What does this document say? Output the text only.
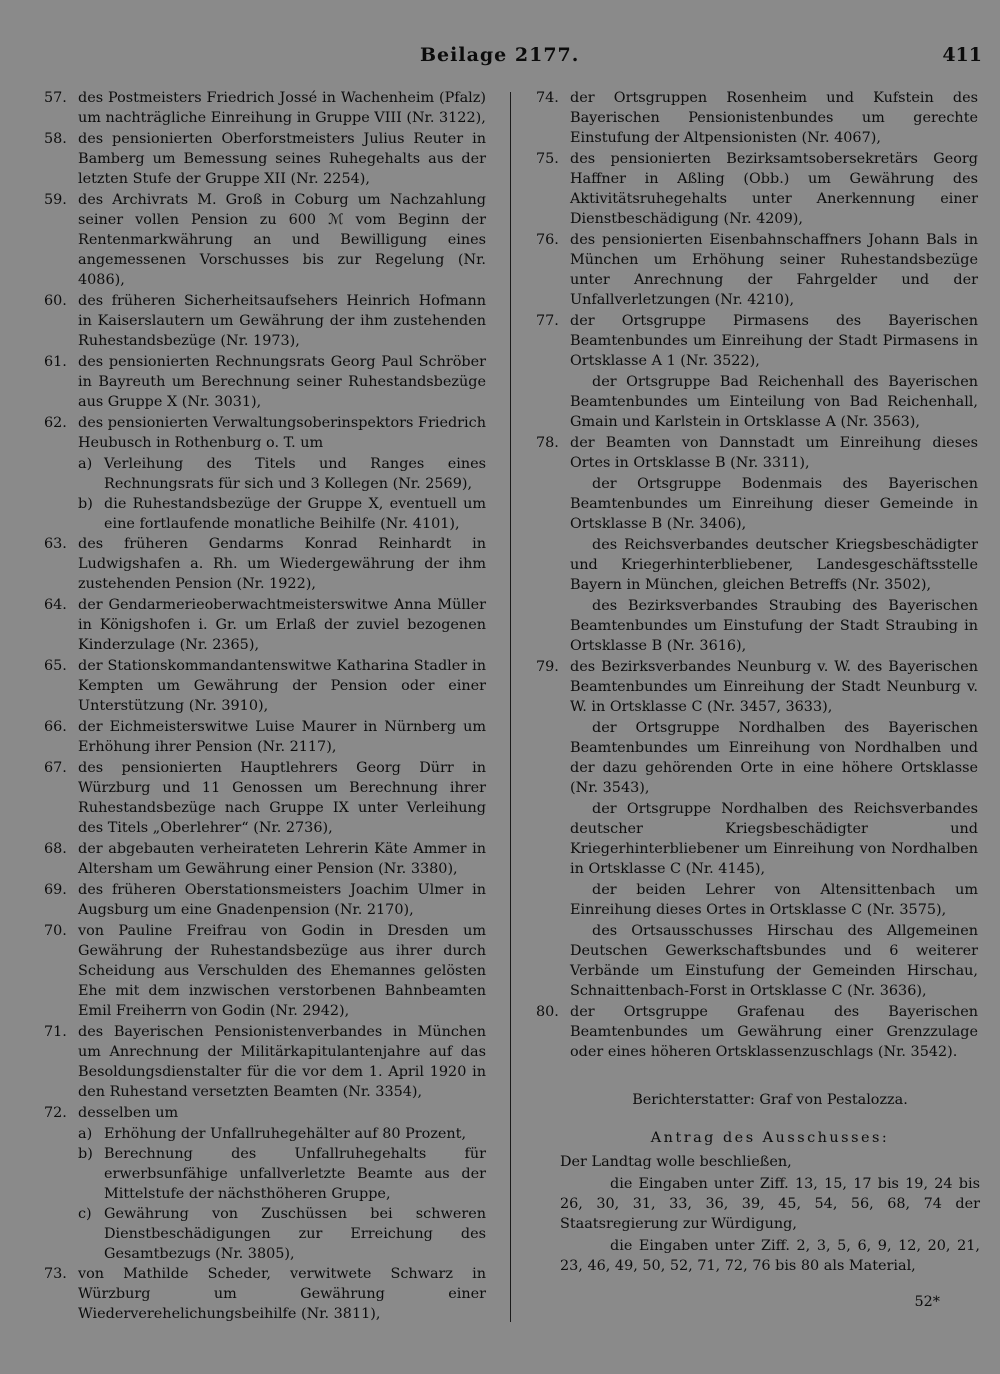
Beilage 2177.	411
57. des Postmeisters Friedrich Jossé in Wachenheim (Pfalz) um nachträgliche Einreihung in Gruppe VIII (Nr. 3122),
58. des pensionierten Oberforstmeisters Julius Reuter in Bamberg um Bemessung seines Ruhegehalts aus der letzten Stufe der Gruppe XII (Nr. 2254),
59. des Archivrats M. Groß in Coburg um Nachzahlung seiner vollen Pension zu 600 ℳ vom Beginn der Rentenmarkwährung an und Bewilligung eines angemessenen Vorschusses bis zur Regelung (Nr. 4086),
60. des früheren Sicherheitsaufsehers Heinrich Hofmann in Kaiserslautern um Gewährung der ihm zustehenden Ruhestandsbezüge (Nr. 1973),
61. des pensionierten Rechnungsrats Georg Paul Schröber in Bayreuth um Berechnung seiner Ruhestandsbezüge aus Gruppe X (Nr. 3031),
62. des pensionierten Verwaltungsoberinspektors Friedrich Heubusch in Rothenburg o. T. um
a) Verleihung des Titels und Ranges eines Rechnungsrats für sich und 3 Kollegen (Nr. 2569),
b) die Ruhestandsbezüge der Gruppe X, eventuell um eine fortlaufende monatliche Beihilfe (Nr. 4101),
63. des früheren Gendarms Konrad Reinhardt in Ludwigshafen a. Rh. um Wiedergewährung der ihm zustehenden Pension (Nr. 1922),
64. der Gendarmerieoberwachtmeisterswitwe Anna Müller in Königshofen i. Gr. um Erlaß der zuviel bezogenen Kinderzulage (Nr. 2365),
65. der Stationskommandantenswitwe Katharina Stadler in Kempten um Gewährung der Pension oder einer Unterstützung (Nr. 3910),
66. der Eichmeisterswitwe Luise Maurer in Nürnberg um Erhöhung ihrer Pension (Nr. 2117),
67. des pensionierten Hauptlehrers Georg Dürr in Würzburg und 11 Genossen um Berechnung ihrer Ruhestandsbezüge nach Gruppe IX unter Verleihung des Titels „Oberlehrer“ (Nr. 2736),
68. der abgebauten verheirateten Lehrerin Käte Ammer in Altersham um Gewährung einer Pension (Nr. 3380),
69. des früheren Oberstationsmeisters Joachim Ulmer in Augsburg um eine Gnadenpension (Nr. 2170),
70. von Pauline Freifrau von Godin in Dresden um Gewährung der Ruhestandsbezüge aus ihrer durch Scheidung aus Verschulden des Ehemannes gelösten Ehe mit dem inzwischen verstorbenen Bahnbeamten Emil Freiherrn von Godin (Nr. 2942),
71. des Bayerischen Pensionistenverbandes in München um Anrechnung der Militärkapitulantenjahre auf das Besoldungsdienstalter für die vor dem 1. April 1920 in den Ruhestand versetzten Beamten (Nr. 3354),
72. desselben um
a) Erhöhung der Unfallruhegehälter auf 80 Prozent,
b) Berechnung des Unfallruhegehalts für erwerbsunfähige unfallverletzte Beamte aus der Mittelstufe der nächsthöheren Gruppe,
c) Gewährung von Zuschüssen bei schweren Dienstbeschädigungen zur Erreichung des Gesamtbezugs (Nr. 3805),
73. von Mathilde Scheder, verwitwete Schwarz in Würzburg um Gewährung einer Wiederverehelichungsbeihilfe (Nr. 3811),
74. der Ortsgruppen Rosenheim und Kufstein des Bayerischen Pensionistenbundes um gerechte Einstufung der Altpensionisten (Nr. 4067),
75. des pensionierten Bezirksamtsobersekretärs Georg Haffner in Aßling (Obb.) um Gewährung des Aktivitätsruhegehalts unter Anerkennung einer Dienstbeschädigung (Nr. 4209),
76. des pensionierten Eisenbahnschaffners Johann Bals in München um Erhöhung seiner Ruhestandsbezüge unter Anrechnung der Fahrgelder und der Unfallverletzungen (Nr. 4210),
77. der Ortsgruppe Pirmasens des Bayerischen Beamtenbundes um Einreihung der Stadt Pirmasens in Ortsklasse A 1 (Nr. 3522),
der Ortsgruppe Bad Reichenhall des Bayerischen Beamtenbundes um Einteilung von Bad Reichenhall, Gmain und Karlstein in Ortsklasse A (Nr. 3563),
78. der Beamten von Dannstadt um Einreihung dieses Ortes in Ortsklasse B (Nr. 3311),
der Ortsgruppe Bodenmais des Bayerischen Beamtenbundes um Einreihung dieser Gemeinde in Ortsklasse B (Nr. 3406),
des Reichsverbandes deutscher Kriegsbeschädigter und Kriegerhinterbliebener, Landesgeschäftsstelle Bayern in München, gleichen Betreffs (Nr. 3502),
des Bezirksverbandes Straubing des Bayerischen Beamtenbundes um Einstufung der Stadt Straubing in Ortsklasse B (Nr. 3616),
79. des Bezirksverbandes Neunburg v. W. des Bayerischen Beamtenbundes um Einreihung der Stadt Neunburg v. W. in Ortsklasse C (Nr. 3457, 3633),
der Ortsgruppe Nordhalben des Bayerischen Beamtenbundes um Einreihung von Nordhalben und der dazu gehörenden Orte in eine höhere Ortsklasse (Nr. 3543),
der Ortsgruppe Nordhalben des Reichsverbandes deutscher Kriegsbeschädigter und Kriegerhinterbliebener um Einreihung von Nordhalben in Ortsklasse C (Nr. 4145),
der beiden Lehrer von Altensittenbach um Einreihung dieses Ortes in Ortsklasse C (Nr. 3575),
des Ortsausschusses Hirschau des Allgemeinen Deutschen Gewerkschaftsbundes und 6 weiterer Verbände um Einstufung der Gemeinden Hirschau, Schnaittenbach-Forst in Ortsklasse C (Nr. 3636),
80. der Ortsgruppe Grafenau des Bayerischen Beamtenbundes um Gewährung einer Grenzzulage oder eines höheren Ortsklassenzuschlags (Nr. 3542).

Berichterstatter: Graf von Pestalozza.

Antrag des Ausschusses:

Der Landtag wolle beschließen,

die Eingaben unter Ziff. 13, 15, 17 bis 19, 24 bis 26, 30, 31, 33, 36, 39, 45, 54, 56, 68, 74 der Staatsregierung zur Würdigung,

die Eingaben unter Ziff. 2, 3, 5, 6, 9, 12, 20, 21, 23, 46, 49, 50, 52, 71, 72, 76 bis 80 als Material,

52*
